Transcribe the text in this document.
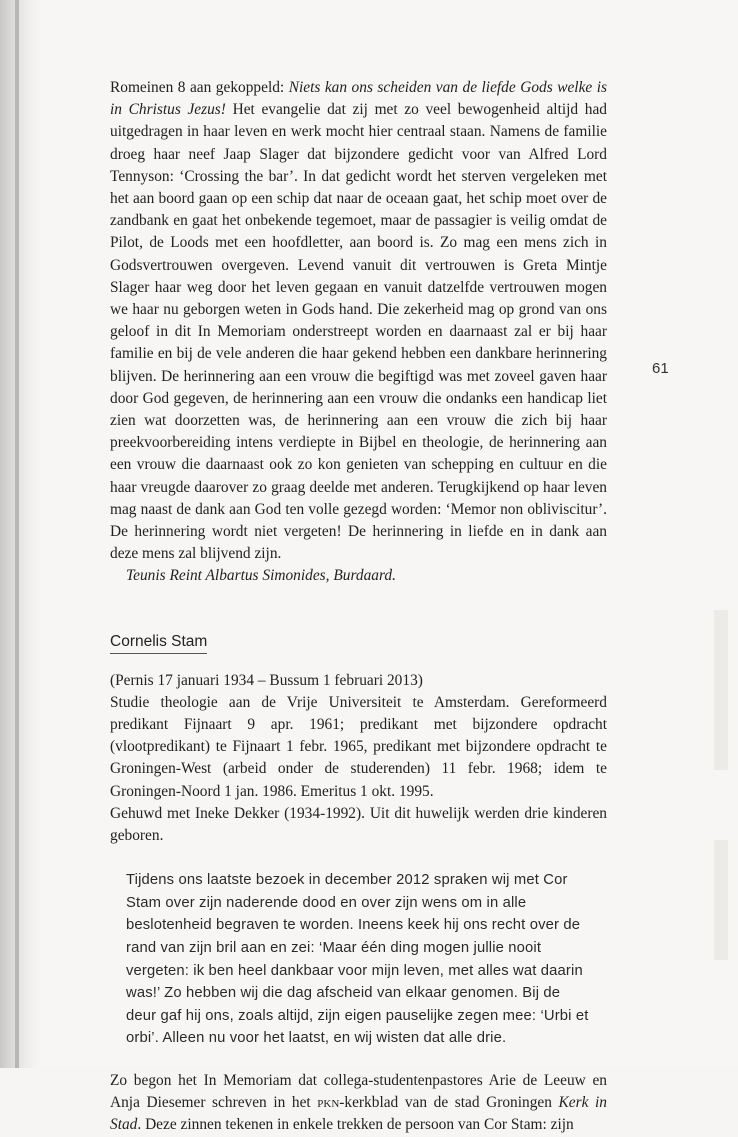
61

Romeinen 8 aan gekoppeld: Niets kan ons scheiden van de liefde Gods welke is in Christus Jezus! Het evangelie dat zij met zo veel bewogenheid altijd had uitgedragen in haar leven en werk mocht hier centraal staan. Namens de familie droeg haar neef Jaap Slager dat bijzondere gedicht voor van Alfred Lord Tennyson: ‘Crossing the bar’. In dat gedicht wordt het sterven vergeleken met het aan boord gaan op een schip dat naar de oceaan gaat, het schip moet over de zandbank en gaat het onbekende tegemoet, maar de passagier is veilig omdat de Pilot, de Loods met een hoofdletter, aan boord is. Zo mag een mens zich in Godsvertrouwen overgeven. Levend vanuit dit vertrouwen is Greta Mintje Slager haar weg door het leven gegaan en vanuit datzelfde vertrouwen mogen we haar nu geborgen weten in Gods hand. Die zekerheid mag op grond van ons geloof in dit In Memoriam onderstreept worden en daarnaast zal er bij haar familie en bij de vele anderen die haar gekend hebben een dankbare herinnering blijven. De herinnering aan een vrouw die begiftigd was met zoveel gaven haar door God gegeven, de herinnering aan een vrouw die ondanks een handicap liet zien wat doorzetten was, de herinnering aan een vrouw die zich bij haar preekvoorbereiding intens verdiepte in Bijbel en theologie, de herinnering aan een vrouw die daarnaast ook zo kon genieten van schepping en cultuur en die haar vreugde daarover zo graag deelde met anderen. Terugkijkend op haar leven mag naast de dank aan God ten volle gezegd worden: ‘Memor non obliviscitur’. De herinnering wordt niet vergeten! De herinnering in liefde en in dank aan deze mens zal blijvend zijn.

Teunis Reint Albartus Simonides, Burdaard.

Cornelis Stam

(Pernis 17 januari 1934 – Bussum 1 februari 2013)

Studie theologie aan de Vrije Universiteit te Amsterdam. Gereformeerd predikant Fijnaart 9 apr. 1961; predikant met bijzondere opdracht (vlootpredikant) te Fijnaart 1 febr. 1965, predikant met bijzondere opdracht te Groningen-West (arbeid onder de studerenden) 11 febr. 1968; idem te Groningen-Noord 1 jan. 1986. Emeritus 1 okt. 1995.

Gehuwd met Ineke Dekker (1934-1992). Uit dit huwelijk werden drie kinderen geboren.

Tijdens ons laatste bezoek in december 2012 spraken wij met Cor Stam over zijn naderende dood en over zijn wens om in alle beslotenheid begraven te worden. Ineens keek hij ons recht over de rand van zijn bril aan en zei: ‘Maar één ding mogen jullie nooit vergeten: ik ben heel dankbaar voor mijn leven, met alles wat daarin was!’ Zo hebben wij die dag afscheid van elkaar genomen. Bij de deur gaf hij ons, zoals altijd, zijn eigen pauselijke zegen mee: ‘Urbi et orbi’. Alleen nu voor het laatst, en wij wisten dat alle drie.

Zo begon het In Memoriam dat collega-studentenpastores Arie de Leeuw en Anja Diesemer schreven in het pkn-kerkblad van de stad Groningen Kerk in Stad. Deze zinnen tekenen in enkele trekken de persoon van Cor Stam: zijn
